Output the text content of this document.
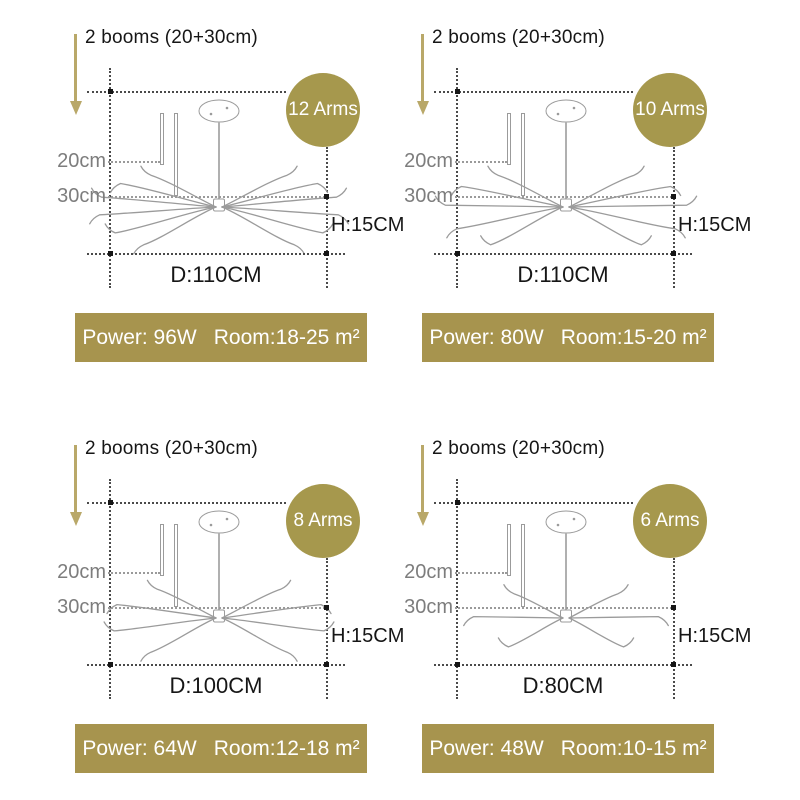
2 booms (20+30cm)
12 Arms
20cm
30cm
H:15CM
D:110CM
Power: 96W Room:18-25 m²
2 booms (20+30cm)
10 Arms
20cm
30cm
H:15CM
D:110CM
Power: 80W Room:15-20 m²
2 booms (20+30cm)
8 Arms
20cm
30cm
H:15CM
D:100CM
Power: 64W Room:12-18 m²
2 booms (20+30cm)
6 Arms
20cm
30cm
H:15CM
D:80CM
Power: 48W Room:10-15 m²
